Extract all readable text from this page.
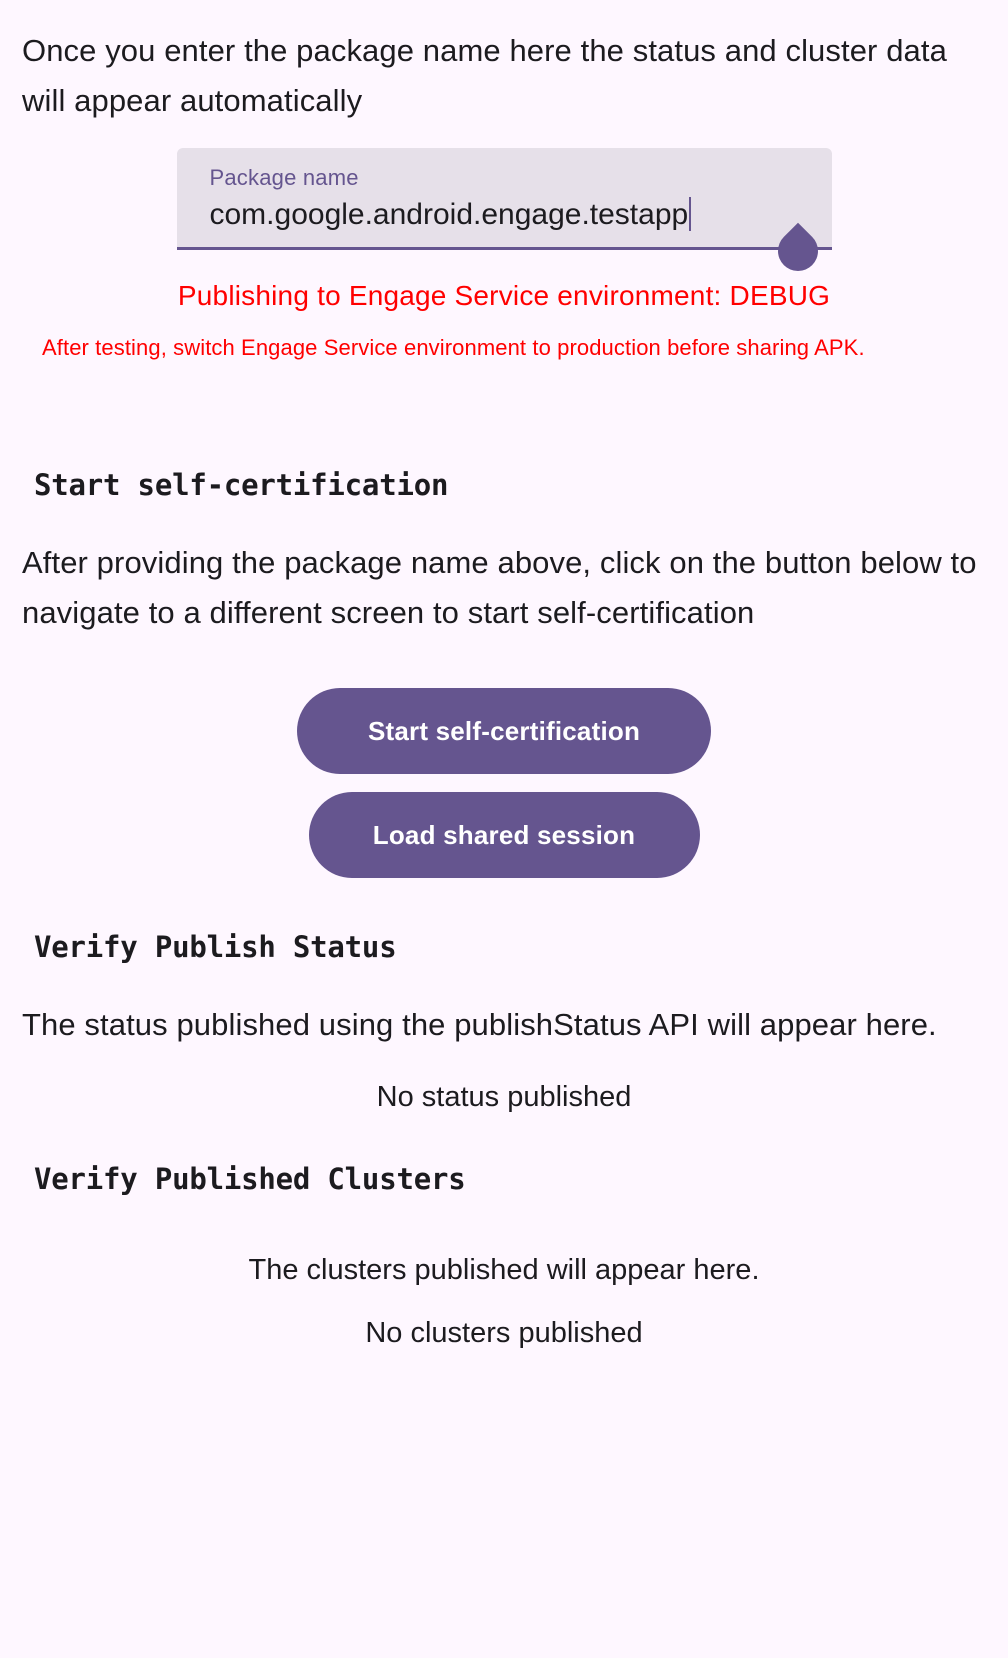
Once you enter the package name here the status and cluster data will appear automatically
Package name
com.google.android.engage.testapp
Publishing to Engage Service environment: DEBUG
After testing, switch Engage Service environment to production before sharing APK.
Start self-certification
After providing the package name above, click on the button below to navigate to a different screen to start self-certification
Start self-certification
Load shared session
Verify Publish Status
The status published using the publishStatus API will appear here.
No status published
Verify Published Clusters
The clusters published will appear here.
No clusters published
